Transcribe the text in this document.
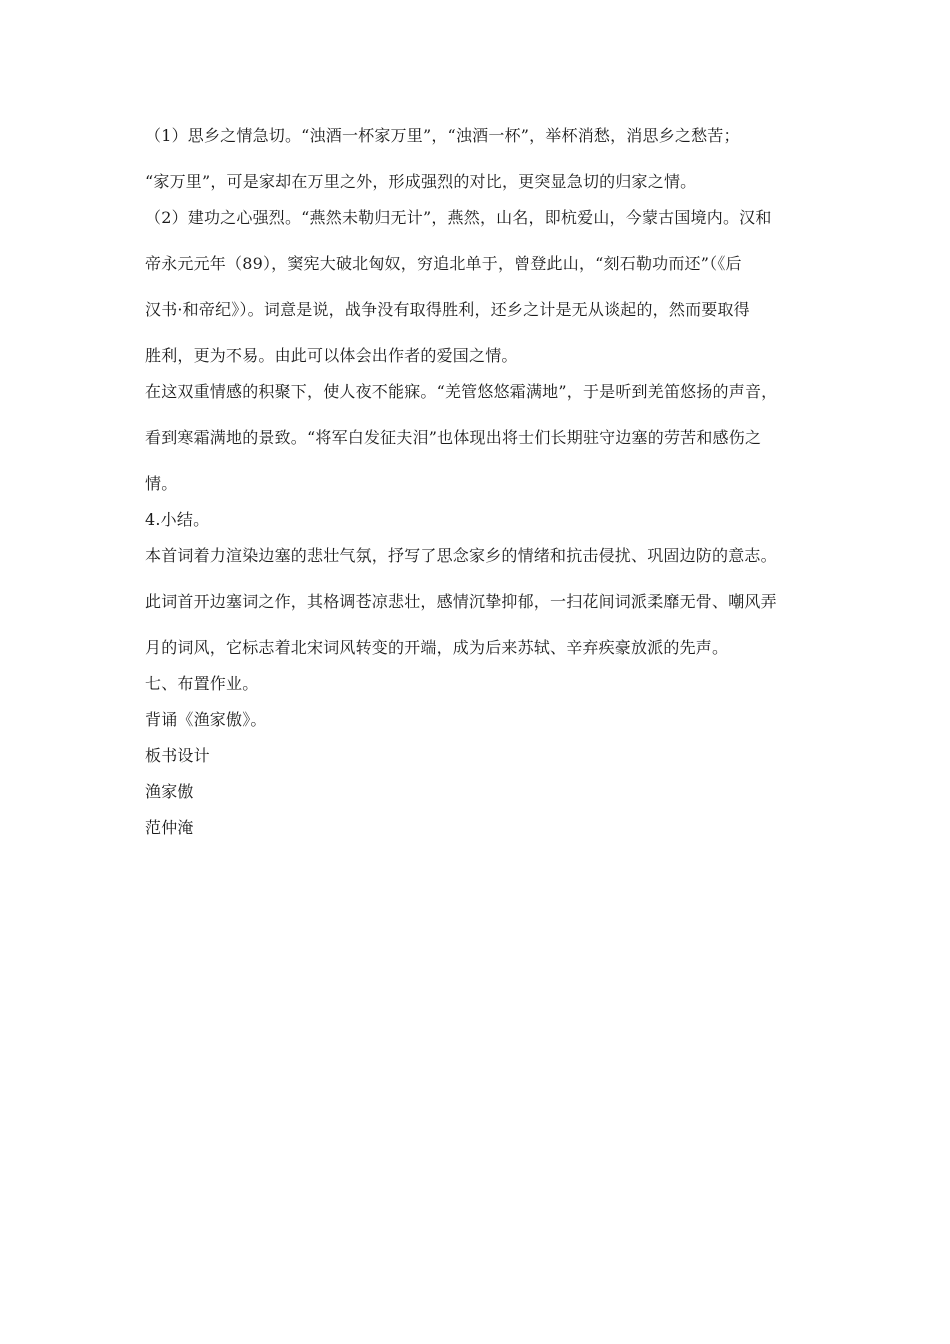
（1）思乡之情急切。“浊酒一杯家万里”，“浊酒一杯”，举杯消愁，消思乡之愁苦；
“家万里”，可是家却在万里之外，形成强烈的对比，更突显急切的归家之情。
（2）建功之心强烈。“燕然未勒归无计”，燕然，山名，即杭爱山，今蒙古国境内。汉和
帝永元元年（89），窦宪大破北匈奴，穷追北单于，曾登此山，“刻石勒功而还”（《后
汉书·和帝纪》）。词意是说，战争没有取得胜利，还乡之计是无从谈起的，然而要取得
胜利，更为不易。由此可以体会出作者的爱国之情。
在这双重情感的积聚下，使人夜不能寐。“羌管悠悠霜满地”，于是听到羌笛悠扬的声音，
看到寒霜满地的景致。“将军白发征夫泪”也体现出将士们长期驻守边塞的劳苦和感伤之
情。
4.小结。
本首词着力渲染边塞的悲壮气氛，抒写了思念家乡的情绪和抗击侵扰、巩固边防的意志。
此词首开边塞词之作，其格调苍凉悲壮，感情沉挚抑郁，一扫花间词派柔靡无骨、嘲风弄
月的词风，它标志着北宋词风转变的开端，成为后来苏轼、辛弃疾豪放派的先声。
七、布置作业。
背诵《渔家傲》。
板书设计
渔家傲
范仲淹
